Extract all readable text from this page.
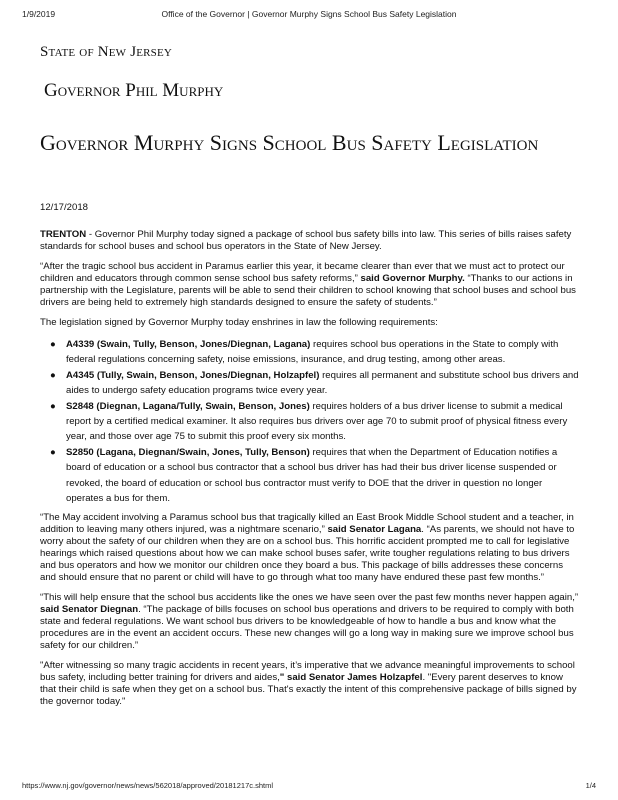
1/9/2019	Office of the Governor | Governor Murphy Signs School Bus Safety Legislation
State of New Jersey
Governor Phil Murphy
Governor Murphy Signs School Bus Safety Legislation

12/17/2018

TRENTON - Governor Phil Murphy today signed a package of school bus safety bills into law. This series of bills raises safety standards for school buses and school bus operators in the State of New Jersey.

“After the tragic school bus accident in Paramus earlier this year, it became clearer than ever that we must act to protect our children and educators through common sense school bus safety reforms,” said Governor Murphy. “Thanks to our actions in partnership with the Legislature, parents will be able to send their children to school knowing that school buses and school bus drivers are being held to extremely high standards designed to ensure the safety of students.”

The legislation signed by Governor Murphy today enshrines in law the following requirements:

● A4339 (Swain, Tully, Benson, Jones/Diegnan, Lagana) requires school bus operations in the State to comply with federal regulations concerning safety, noise emissions, insurance, and drug testing, among other areas.
● A4345 (Tully, Swain, Benson, Jones/Diegnan, Holzapfel) requires all permanent and substitute school bus drivers and aides to undergo safety education programs twice every year.
● S2848 (Diegnan, Lagana/Tully, Swain, Benson, Jones) requires holders of a bus driver license to submit a medical report by a certified medical examiner. It also requires bus drivers over age 70 to submit proof of physical fitness every year, and those over age 75 to submit this proof every six months.
● S2850 (Lagana, Diegnan/Swain, Jones, Tully, Benson) requires that when the Department of Education notifies a board of education or a school bus contractor that a school bus driver has had their bus driver license suspended or revoked, the board of education or school bus contractor must verify to DOE that the driver in question no longer operates a bus for them.

“The May accident involving a Paramus school bus that tragically killed an East Brook Middle School student and a teacher, in addition to leaving many others injured, was a nightmare scenario,” said Senator Lagana. “As parents, we should not have to worry about the safety of our children when they are on a school bus. This horrific accident prompted me to call for legislative hearings which raised questions about how we can make school buses safer, write tougher regulations relating to bus drivers and bus operators and how we monitor our children once they board a bus. This package of bills addresses these concerns and should ensure that no parent or child will have to go through what too many have endured these past few months.”

“This will help ensure that the school bus accidents like the ones we have seen over the past few months never happen again,” said Senator Diegnan. “The package of bills focuses on school bus operations and drivers to be required to comply with both state and federal regulations. We want school bus drivers to be knowledgeable of how to handle a bus and know what the procedures are in the event an accident occurs. These new changes will go a long way in making sure we improve school bus safety for our children.”

"After witnessing so many tragic accidents in recent years, it’s imperative that we advance meaningful improvements to school bus safety, including better training for drivers and aides," said Senator James Holzapfel. "Every parent deserves to know that their child is safe when they get on a school bus. That's exactly the intent of this comprehensive package of bills signed by the governor today."

https://www.nj.gov/governor/news/news/562018/approved/20181217c.shtml	1/4
